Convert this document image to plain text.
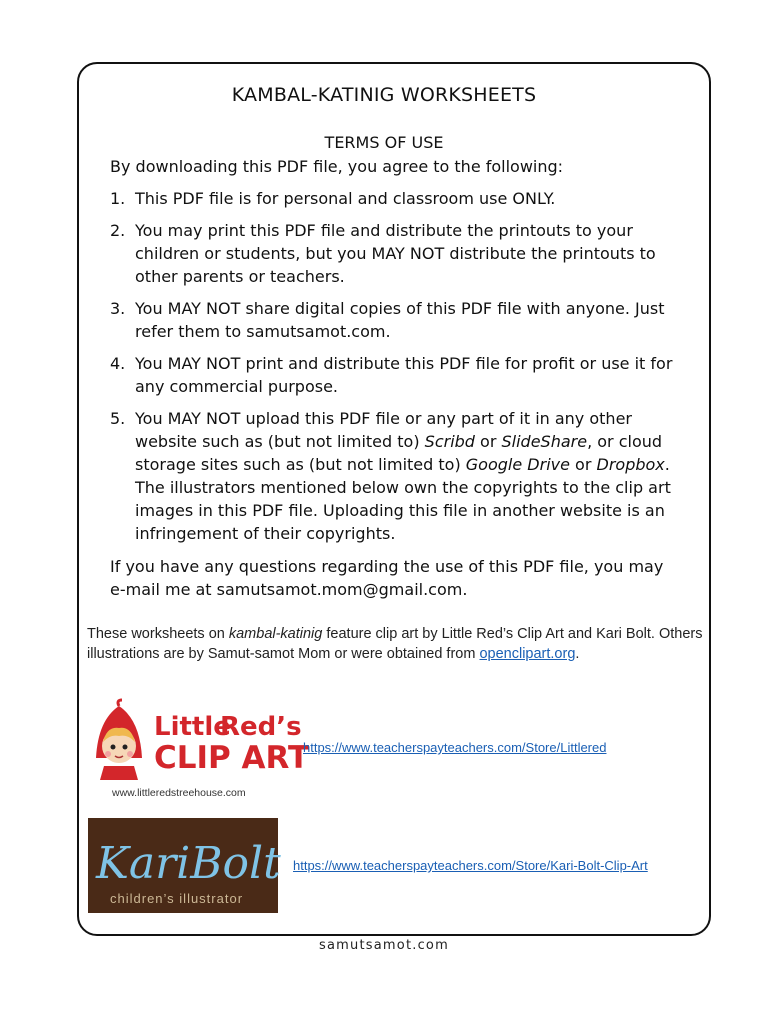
KAMBAL-KATINIG WORKSHEETS
TERMS OF USE
By downloading this PDF file, you agree to the following:
1. This PDF file is for personal and classroom use ONLY.
2. You may print this PDF file and distribute the printouts to your children or students, but you MAY NOT distribute the printouts to other parents or teachers.
3. You MAY NOT share digital copies of this PDF file with anyone. Just refer them to samutsamot.com.
4. You MAY NOT print and distribute this PDF file for profit or use it for any commercial purpose.
5. You MAY NOT upload this PDF file or any part of it in any other website such as (but not limited to) Scribd or SlideShare, or cloud storage sites such as (but not limited to) Google Drive or Dropbox. The illustrators mentioned below own the copyrights to the clip art images in this PDF file. Uploading this file in another website is an infringement of their copyrights.
If you have any questions regarding the use of this PDF file, you may e-mail me at samutsamot.mom@gmail.com.
These worksheets on kambal-katinig feature clip art by Little Red’s Clip Art and Kari Bolt. Others illustrations are by Samut-samot Mom or were obtained from openclipart.org.
Little
Red’s
CLIP ART
www.littleredstreehouse.com
https://www.teacherspayteachers.com/Store/Littlered
KariBolt
children’s illustrator
https://www.teacherspayteachers.com/Store/Kari-Bolt-Clip-Art
samutsamot.com
